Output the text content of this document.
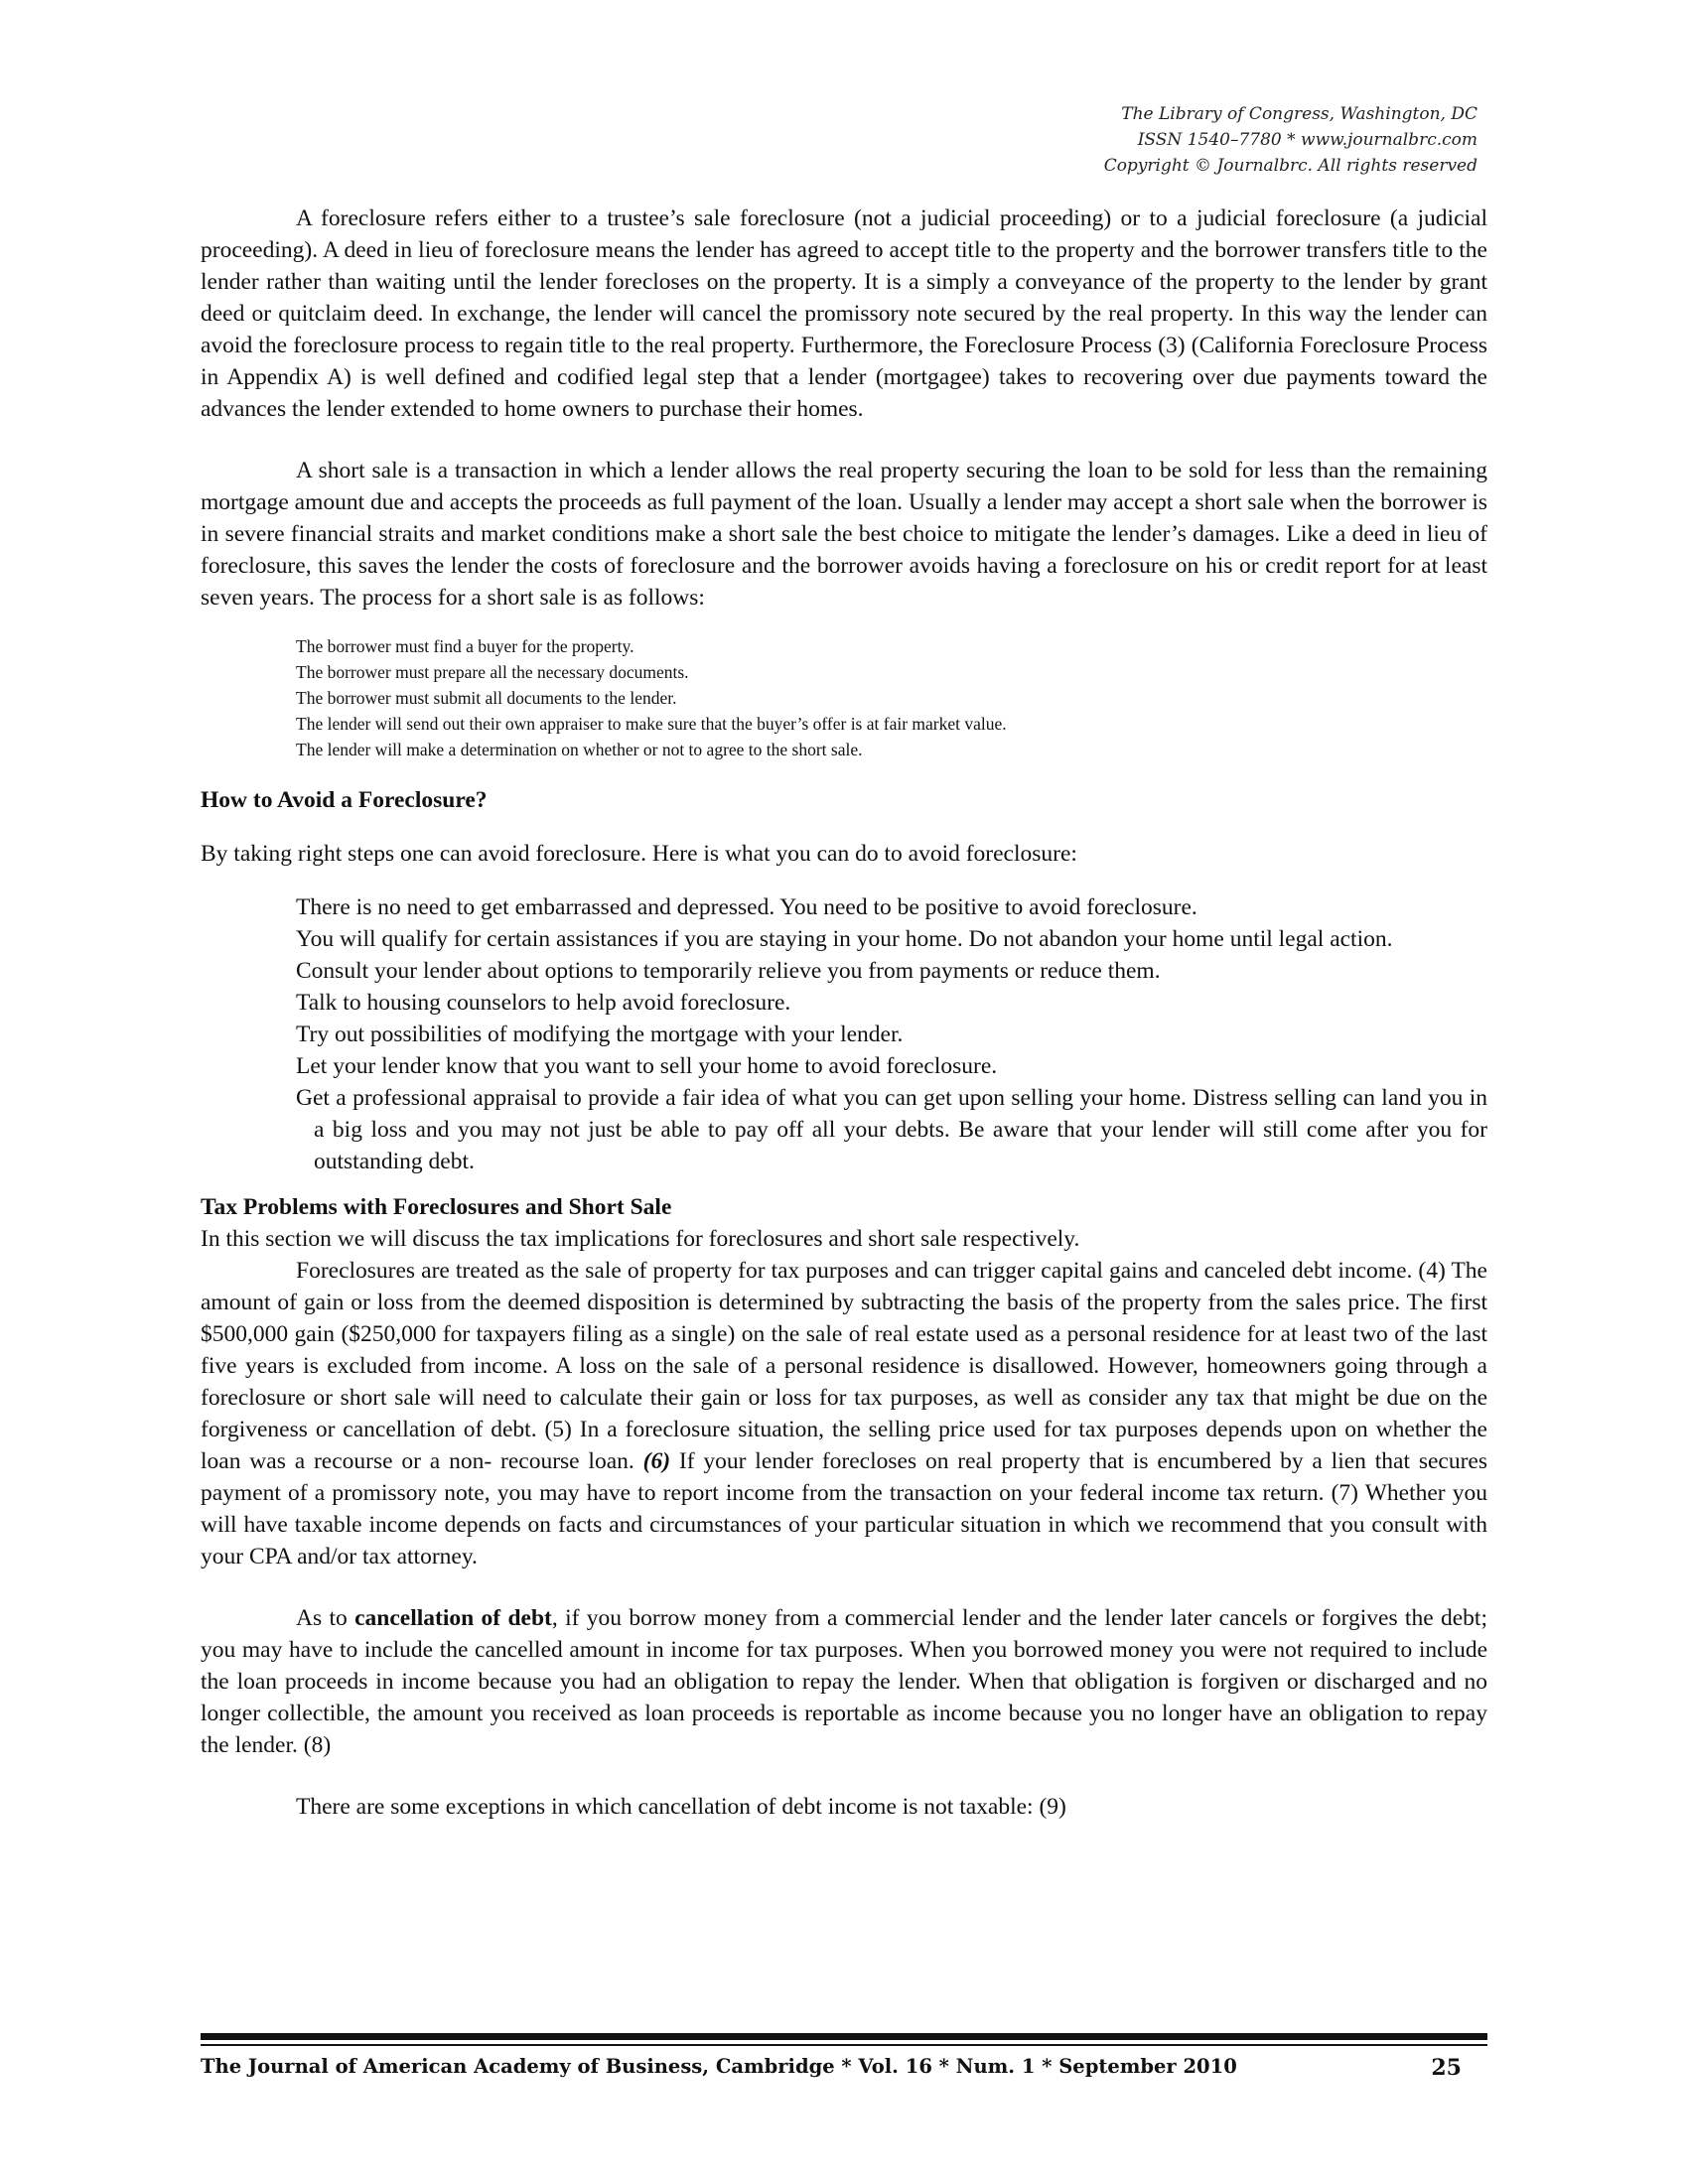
The Library of Congress, Washington, DC
ISSN 1540–7780 * www.journalbrc.com
Copyright © Journalbrc. All rights reserved

A foreclosure refers either to a trustee’s sale foreclosure (not a judicial proceeding) or to a judicial foreclosure (a judicial proceeding). A deed in lieu of foreclosure means the lender has agreed to accept title to the property and the borrower transfers title to the lender rather than waiting until the lender forecloses on the property. It is a simply a conveyance of the property to the lender by grant deed or quitclaim deed. In exchange, the lender will cancel the promissory note secured by the real property. In this way the lender can avoid the foreclosure process to regain title to the real property. Furthermore, the Foreclosure Process (3) (California Foreclosure Process in Appendix A) is well defined and codified legal step that a lender (mortgagee) takes to recovering over due payments toward the advances the lender extended to home owners to purchase their homes.

A short sale is a transaction in which a lender allows the real property securing the loan to be sold for less than the remaining mortgage amount due and accepts the proceeds as full payment of the loan. Usually a lender may accept a short sale when the borrower is in severe financial straits and market conditions make a short sale the best choice to mitigate the lender’s damages. Like a deed in lieu of foreclosure, this saves the lender the costs of foreclosure and the borrower avoids having a foreclosure on his or credit report for at least seven years. The process for a short sale is as follows:

The borrower must find a buyer for the property.
The borrower must prepare all the necessary documents.
The borrower must submit all documents to the lender.
The lender will send out their own appraiser to make sure that the buyer’s offer is at fair market value.
The lender will make a determination on whether or not to agree to the short sale.

How to Avoid a Foreclosure?

By taking right steps one can avoid foreclosure. Here is what you can do to avoid foreclosure:

There is no need to get embarrassed and depressed. You need to be positive to avoid foreclosure.
You will qualify for certain assistances if you are staying in your home. Do not abandon your home until legal action.
Consult your lender about options to temporarily relieve you from payments or reduce them.
Talk to housing counselors to help avoid foreclosure.
Try out possibilities of modifying the mortgage with your lender.
Let your lender know that you want to sell your home to avoid foreclosure.
Get a professional appraisal to provide a fair idea of what you can get upon selling your home. Distress selling can land you in a big loss and you may not just be able to pay off all your debts. Be aware that your lender will still come after you for outstanding debt.

Tax Problems with Foreclosures and Short Sale

In this section we will discuss the tax implications for foreclosures and short sale respectively.

Foreclosures are treated as the sale of property for tax purposes and can trigger capital gains and canceled debt income. (4) The amount of gain or loss from the deemed disposition is determined by subtracting the basis of the property from the sales price. The first $500,000 gain ($250,000 for taxpayers filing as a single) on the sale of real estate used as a personal residence for at least two of the last five years is excluded from income. A loss on the sale of a personal residence is disallowed. However, homeowners going through a foreclosure or short sale will need to calculate their gain or loss for tax purposes, as well as consider any tax that might be due on the forgiveness or cancellation of debt. (5) In a foreclosure situation, the selling price used for tax purposes depends upon on whether the loan was a recourse or a non- recourse loan. (6) If your lender forecloses on real property that is encumbered by a lien that secures payment of a promissory note, you may have to report income from the transaction on your federal income tax return. (7) Whether you will have taxable income depends on facts and circumstances of your particular situation in which we recommend that you consult with your CPA and/or tax attorney.

As to cancellation of debt, if you borrow money from a commercial lender and the lender later cancels or forgives the debt; you may have to include the cancelled amount in income for tax purposes. When you borrowed money you were not required to include the loan proceeds in income because you had an obligation to repay the lender. When that obligation is forgiven or discharged and no longer collectible, the amount you received as loan proceeds is reportable as income because you no longer have an obligation to repay the lender. (8)

There are some exceptions in which cancellation of debt income is not taxable: (9)

The Journal of American Academy of Business, Cambridge * Vol. 16 * Num. 1 * September 2010	25
